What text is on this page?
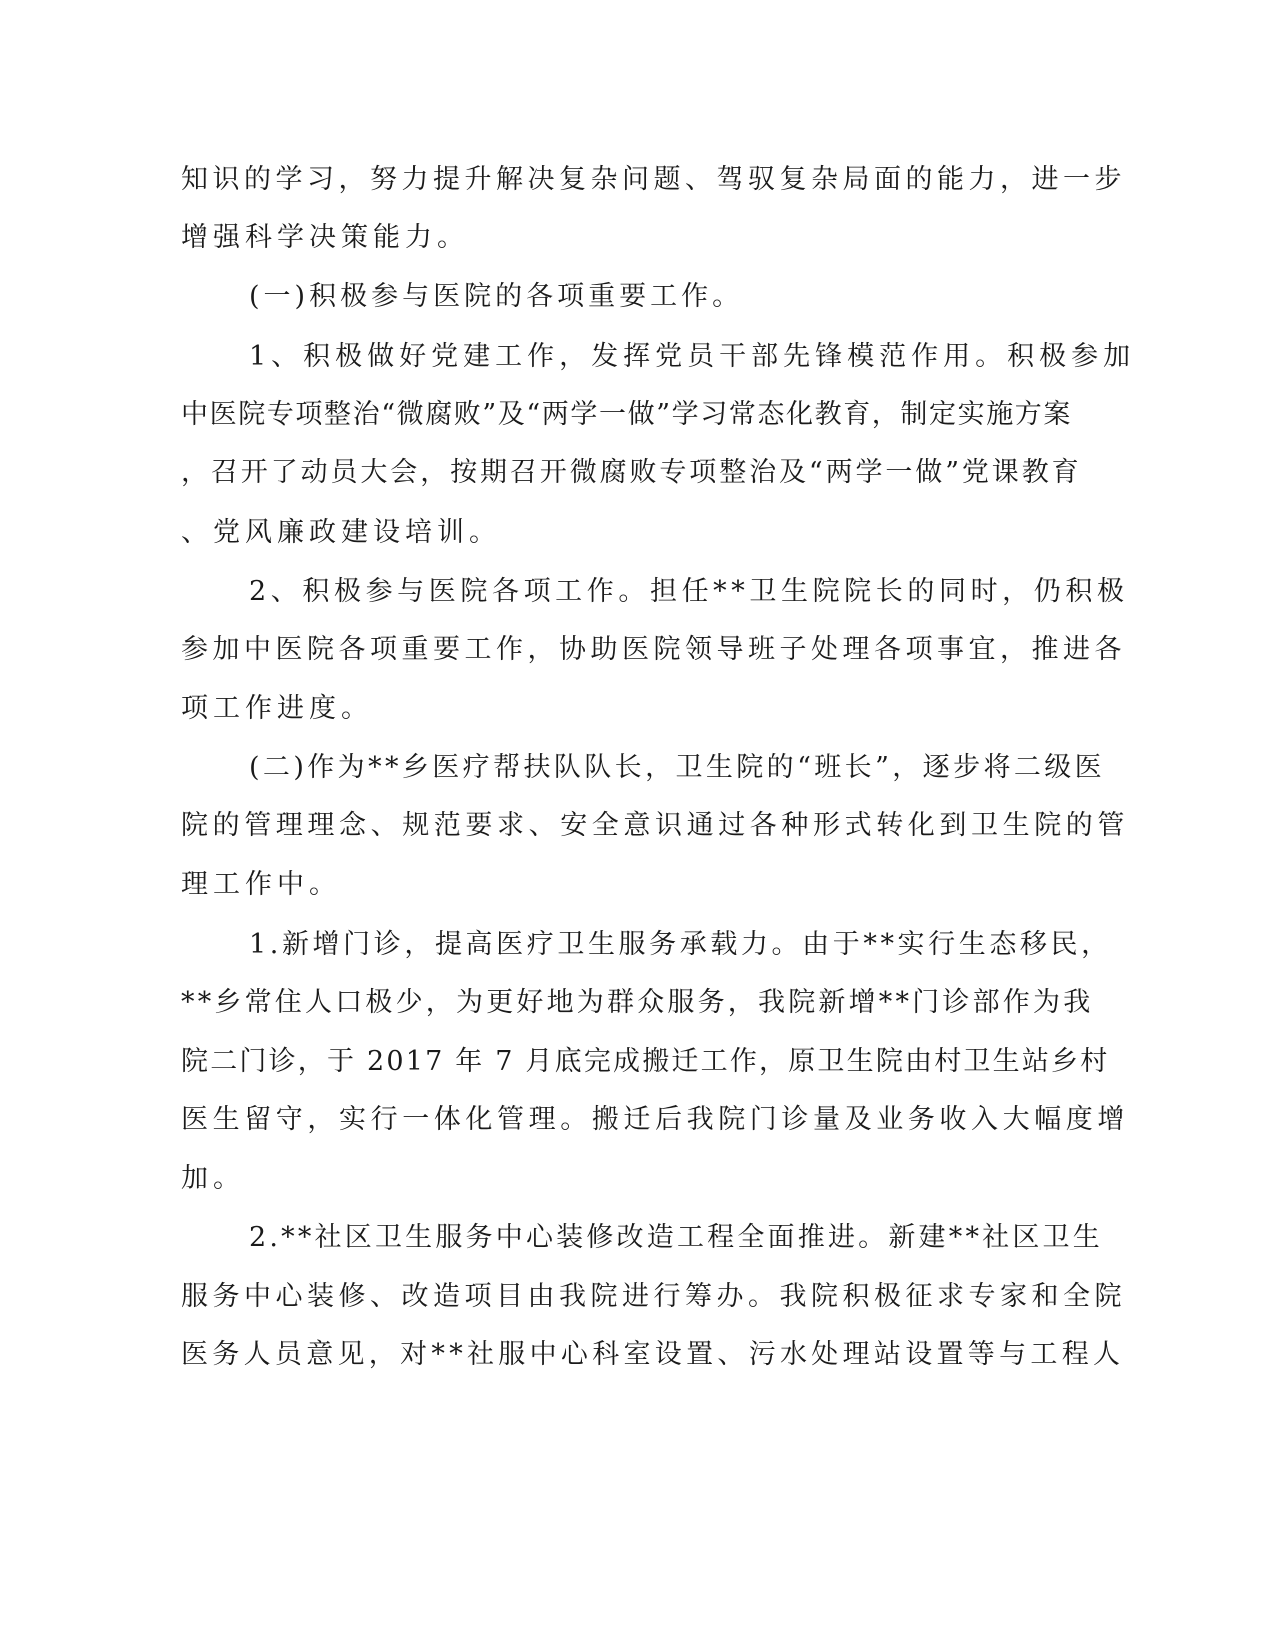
知识的学习，努力提升解决复杂问题、驾驭复杂局面的能力，进一步
增强科学决策能力。
(一)积极参与医院的各项重要工作。
1、积极做好党建工作，发挥党员干部先锋模范作用。积极参加
中医院专项整治“微腐败”及“两学一做”学习常态化教育，制定实施方案
，召开了动员大会，按期召开微腐败专项整治及“两学一做”党课教育
、党风廉政建设培训。
2、积极参与医院各项工作。担任**卫生院院长的同时，仍积极
参加中医院各项重要工作，协助医院领导班子处理各项事宜，推进各
项工作进度。
(二)作为**乡医疗帮扶队队长，卫生院的“班长”，逐步将二级医
院的管理理念、规范要求、安全意识通过各种形式转化到卫生院的管
理工作中。
1.新增门诊，提高医疗卫生服务承载力。由于**实行生态移民，
**乡常住人口极少，为更好地为群众服务，我院新增**门诊部作为我
院二门诊，于 2017 年 7 月底完成搬迁工作，原卫生院由村卫生站乡村
医生留守，实行一体化管理。搬迁后我院门诊量及业务收入大幅度增
加。
2.**社区卫生服务中心装修改造工程全面推进。新建**社区卫生
服务中心装修、改造项目由我院进行筹办。我院积极征求专家和全院
医务人员意见，对**社服中心科室设置、污水处理站设置等与工程人
